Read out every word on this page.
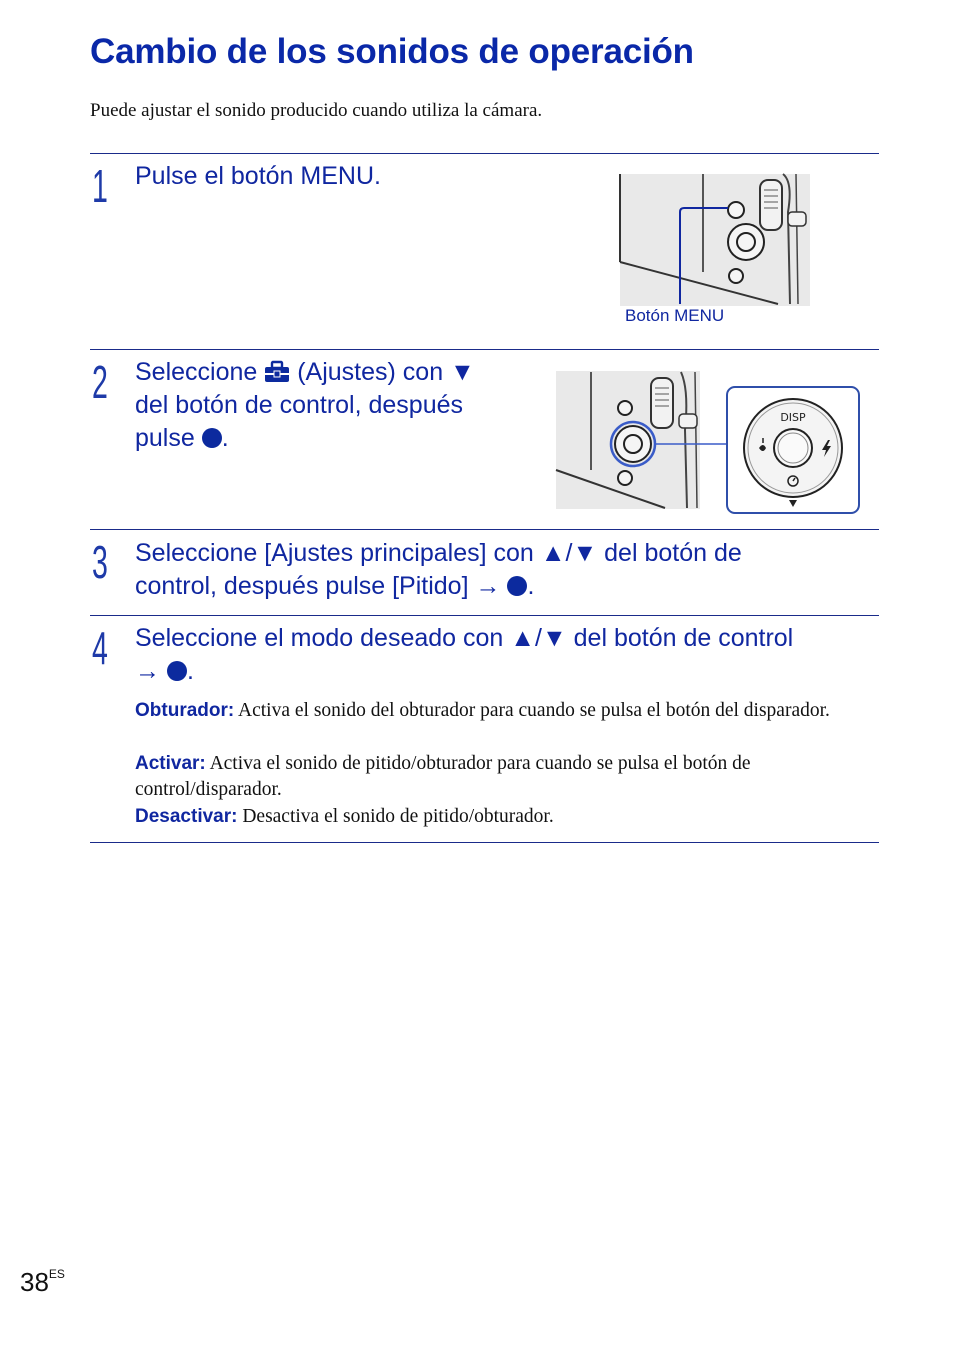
Cambio de los sonidos de operación
Puede ajustar el sonido producido cuando utiliza la cámara.
1 Pulse el botón MENU.
Botón MENU
2 Seleccione (Ajustes) con ▼
del botón de control, después
pulse .
DISP
3 Seleccione [Ajustes principales] con ▲/▼ del botón de
control, después pulse [Pitido] → .
4 Seleccione el modo deseado con ▲/▼ del botón de control
→ .
Obturador: Activa el sonido del obturador para cuando se pulsa el botón del disparador.
Activar: Activa el sonido de pitido/obturador para cuando se pulsa el botón de control/disparador.
Desactivar: Desactiva el sonido de pitido/obturador.
$38^{ES}$
